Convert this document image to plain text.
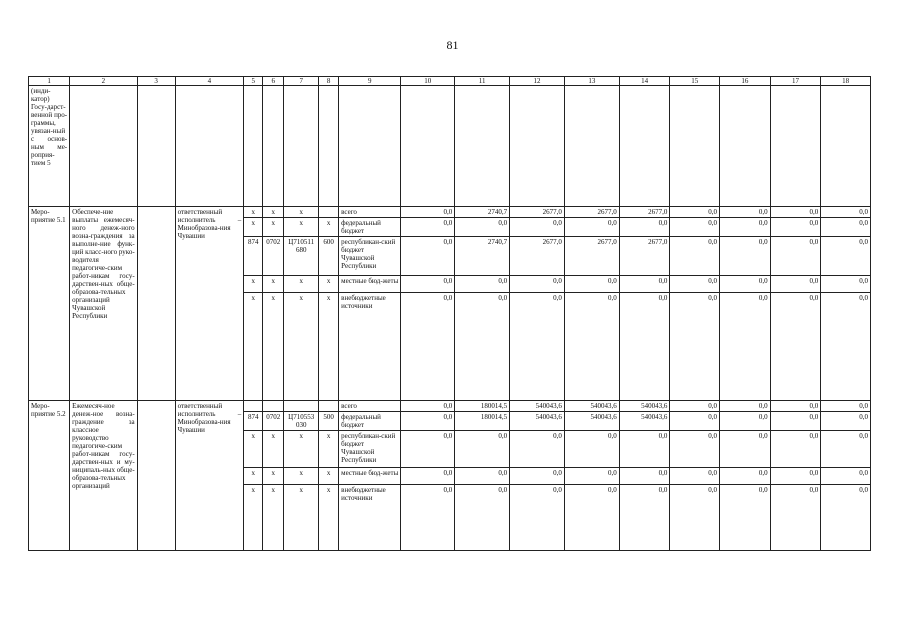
81
1	2	3	4	5	6	7	8	9	10	11	12	13	14	15	16	17	18
(инди-катор) Госу-дарст-венной про-граммы, увязан-ный с основ-ным ме-роприя-тием 5																	
Меро-приятие 5.1	Обеспече-ние выплаты ежемесяч-ного денеж-ного возна-граждения за выполне-ние функ-ций класс-ного руко-водителя педагогиче-ским работ-никам госу-дарствен-ных обще-образова-тельных организаций Чувашской Республики		ответственный исполнитель – Минобразова-ния Чувашии	х	х	х		всего	0,0	2740,7	2677,0	2677,0	2677,0	0,0	0,0	0,0	0,0
				х	х	х	х	федеральный бюджет	0,0	0,0	0,0	0,0	0,0	0,0	0,0	0,0	0,0
				874	0702	Ц710511 680	600	республикан-ский бюджет Чувашской Республики	0,0	2740,7	2677,0	2677,0	2677,0	0,0	0,0	0,0	0,0
				х	х	х	х	местные бюд-жеты	0,0	0,0	0,0	0,0	0,0	0,0	0,0	0,0	0,0
				х	х	х	х	внебюджетные источники	0,0	0,0	0,0	0,0	0,0	0,0	0,0	0,0	0,0
Меро-приятие 5.2	Ежемесяч-ное денеж-ное возна-граждение за классное руководство педагогиче-ским работ-никам госу-дарствен-ных и му-ниципаль-ных обще-образова-тельных организаций		ответственный исполнитель – Минобразова-ния Чувашии					всего	0,0	180014,5	540043,6	540043,6	540043,6	0,0	0,0	0,0	0,0
				874	0702	Ц710553 030	500	федеральный бюджет	0,0	180014,5	540043,6	540043,6	540043,6	0,0	0,0	0,0	0,0
				х	х	х	х	республикан-ский бюджет Чувашской Республики	0,0	0,0	0,0	0,0	0,0	0,0	0,0	0,0	0,0
				х	х	х	х	местные бюд-жеты	0,0	0,0	0,0	0,0	0,0	0,0	0,0	0,0	0,0
				х	х	х	х	внебюджетные источники	0,0	0,0	0,0	0,0	0,0	0,0	0,0	0,0	0,0
